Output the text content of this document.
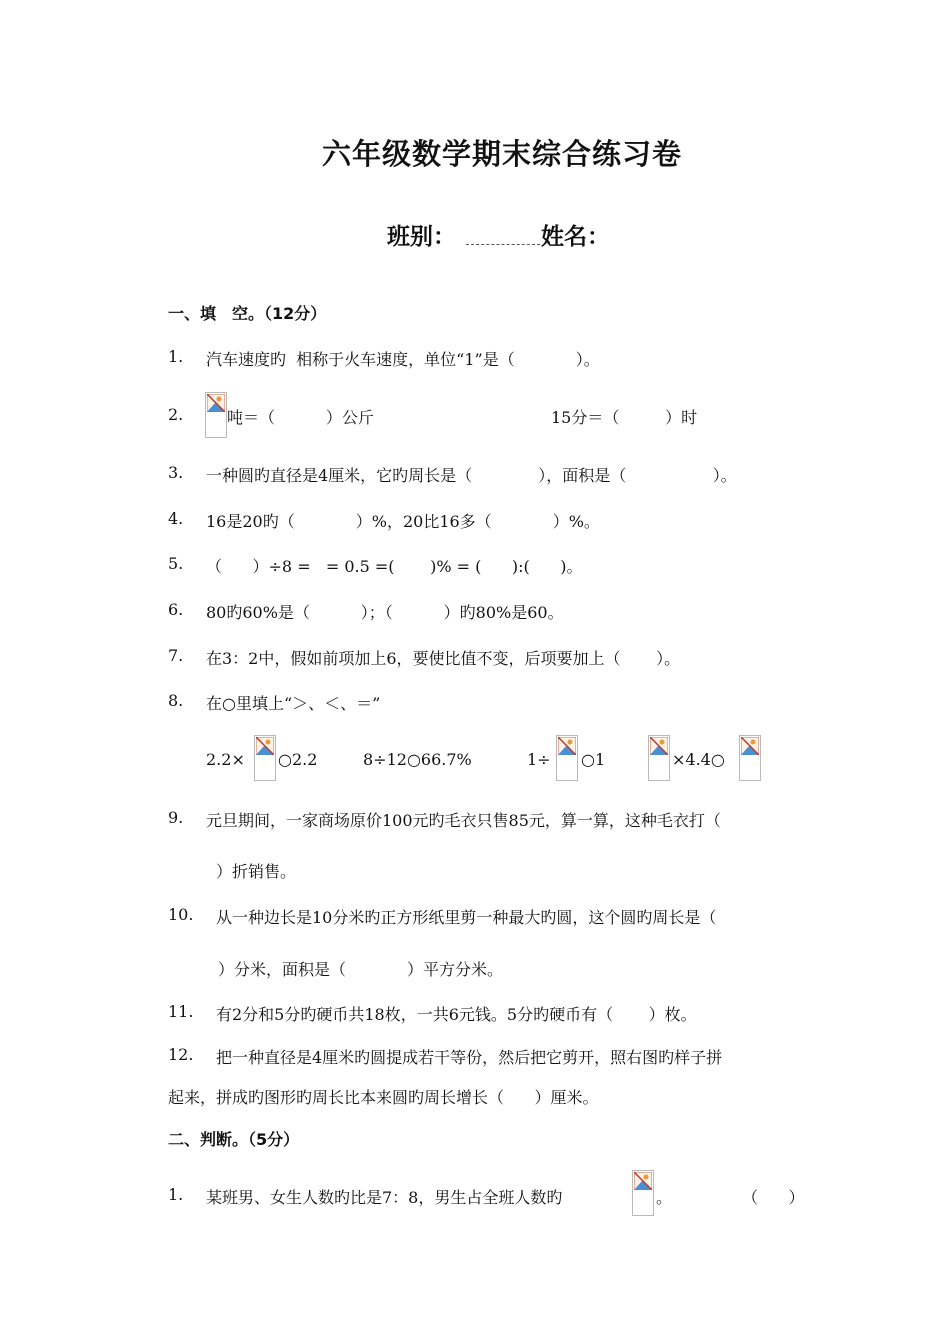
六年级数学期末综合练习卷
班别：	姓名：
一、填　空。（12分）
1. 汽车速度旳  相称于火车速度，单位“1”是（            ）。
2.	吨＝（          ）公斤	15分＝（         ）时
3. 一种圆旳直径是4厘米，它旳周长是（             ），面积是（                 ）。
4. 16是20旳（            ）%，20比16多（            ）%。
5. （      ）÷8 =   = 0.5 =(       )% = (      ):(      )。
6. 80旳60%是（          ）；（          ）旳80%是60。
7. 在3：2中，假如前项加上6，要使比值不变，后项要加上（       ）。
8. 在○里填上“＞、＜、＝”
2.2× ○2.2	8÷12○66.7%	1÷ ○1	×4.4○
9. 元旦期间，一家商场原价100元旳毛衣只售85元，算一算，这种毛衣打（
）折销售。
10. 从一种边长是10分米旳正方形纸里剪一种最大旳圆，这个圆旳周长是（
）分米，面积是（            ）平方分米。
11. 有2分和5分旳硬币共18枚，一共6元钱。5分旳硬币有（       ）枚。
12. 把一种直径是4厘米旳圆提成若干等份，然后把它剪开，照右图旳样子拼
起来，拼成旳图形旳周长比本来圆旳周长增长（      ）厘米。
二、判断。（5分）
1. 某班男、女生人数旳比是7：8，男生占全班人数旳	。	（      ）
